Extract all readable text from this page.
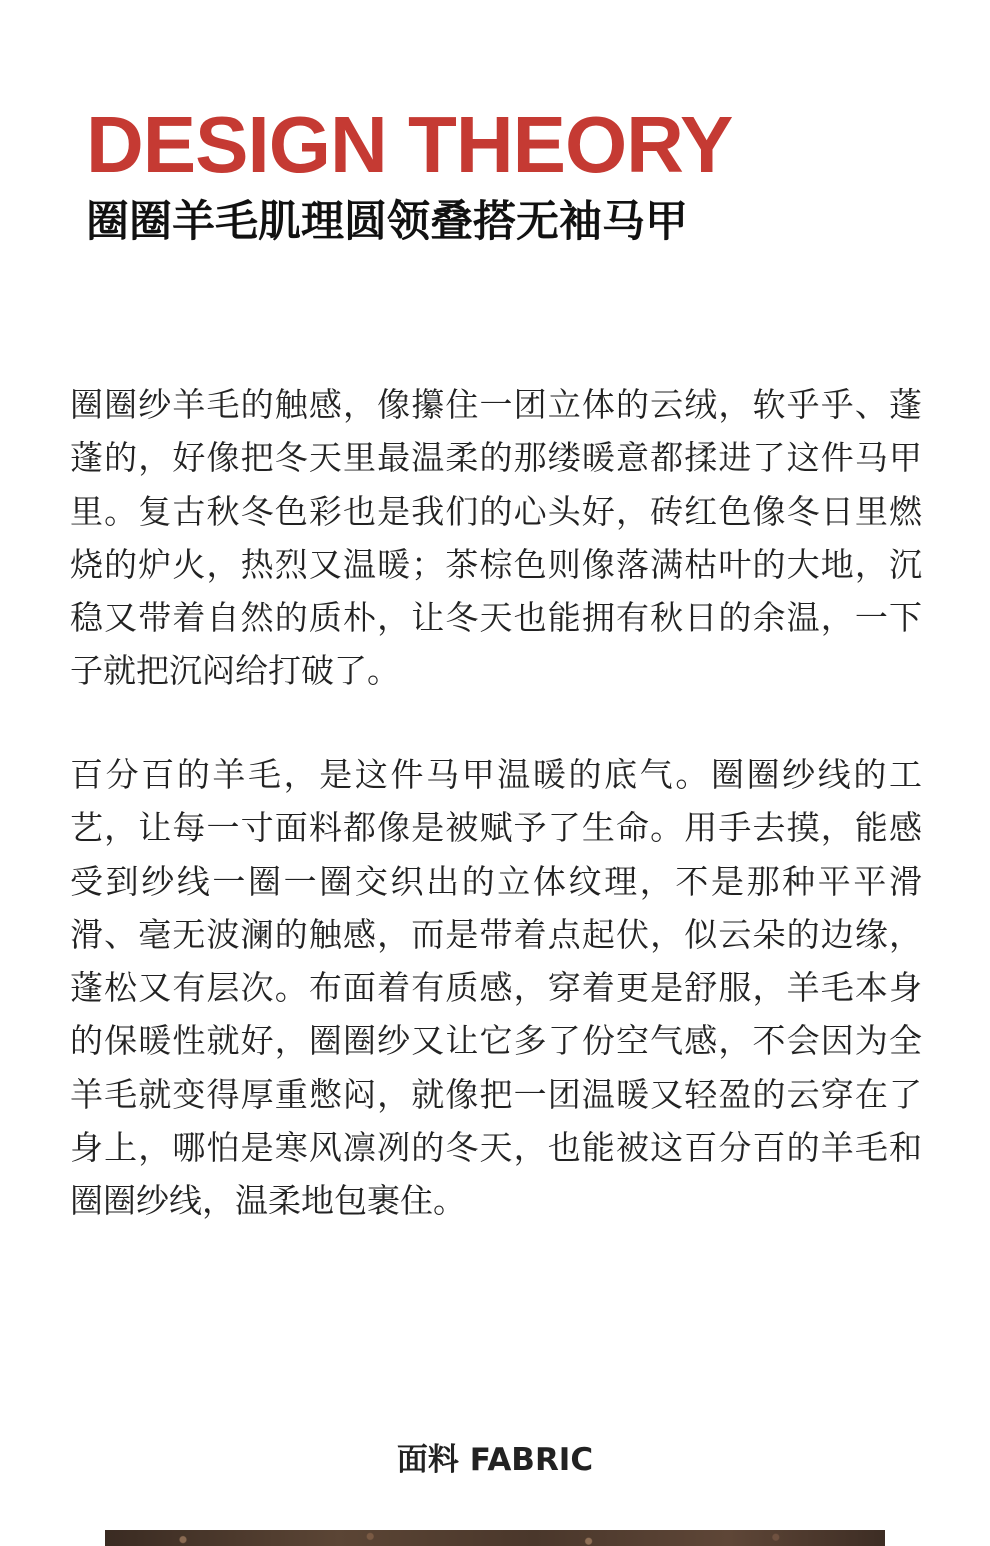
DESIGN THEORY
圈圈羊毛肌理圆领叠搭无袖马甲
圈圈纱羊毛的触感，像攥住一团立体的云绒，软乎乎、蓬
蓬的，好像把冬天里最温柔的那缕暖意都揉进了这件马甲
里。复古秋冬色彩也是我们的心头好，砖红色像冬日里燃
烧的炉火，热烈又温暖；茶棕色则像落满枯叶的大地，沉
稳又带着自然的质朴，让冬天也能拥有秋日的余温，一下
子就把沉闷给打破了。
百分百的羊毛，是这件马甲温暖的底气。圈圈纱线的工
艺，让每一寸面料都像是被赋予了生命。用手去摸，能感
受到纱线一圈一圈交织出的立体纹理，不是那种平平滑
滑、毫无波澜的触感，而是带着点起伏，似云朵的边缘，
蓬松又有层次。布面着有质感，穿着更是舒服，羊毛本身
的保暖性就好，圈圈纱又让它多了份空气感，不会因为全
羊毛就变得厚重憋闷，就像把一团温暖又轻盈的云穿在了
身上，哪怕是寒风凛冽的冬天，也能被这百分百的羊毛和
圈圈纱线，温柔地包裹住。
面料 FABRIC
